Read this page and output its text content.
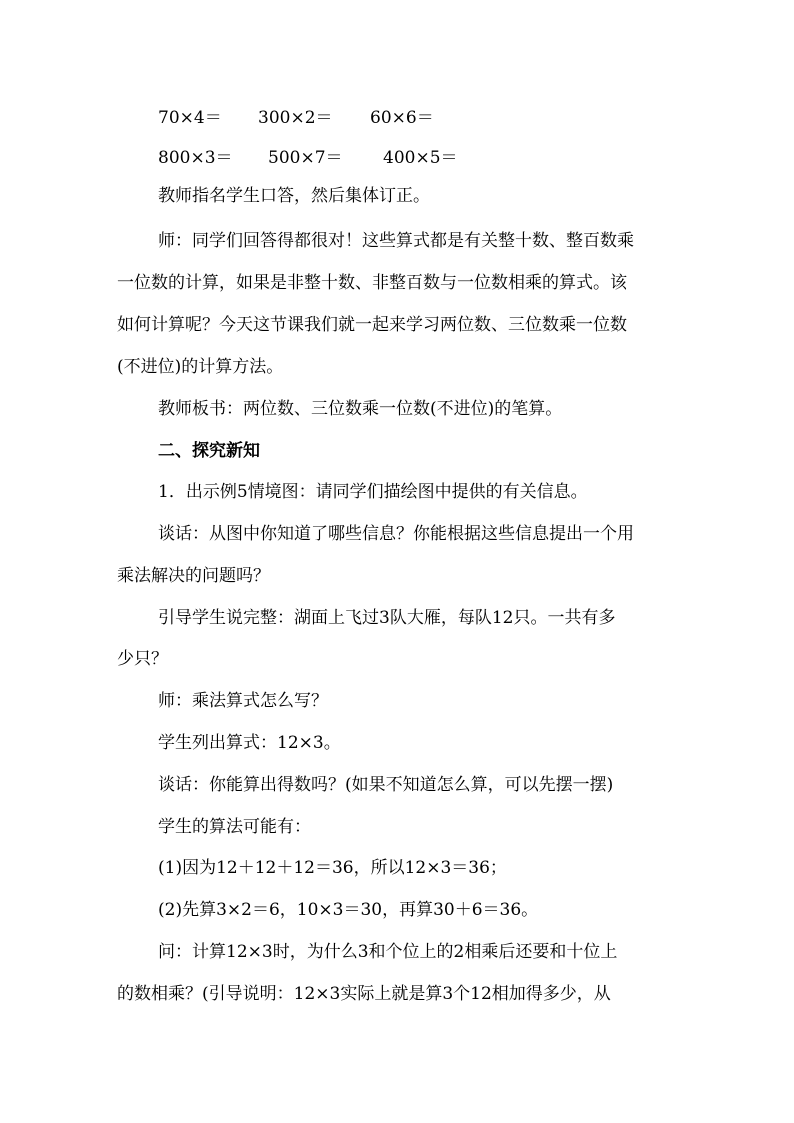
70×4＝ 300×2＝ 60×6＝
800×3＝ 500×7＝ 400×5＝
教师指名学生口答，然后集体订正。
师：同学们回答得都很对！这些算式都是有关整十数、整百数乘
一位数的计算，如果是非整十数、非整百数与一位数相乘的算式。该
如何计算呢？今天这节课我们就一起来学习两位数、三位数乘一位数
(不进位)的计算方法。
教师板书：两位数、三位数乘一位数(不进位)的笔算。
二、探究新知
1．出示例5情境图：请同学们描绘图中提供的有关信息。
谈话：从图中你知道了哪些信息？你能根据这些信息提出一个用
乘法解决的问题吗？
引导学生说完整：湖面上飞过3队大雁，每队12只。一共有多
少只？
师：乘法算式怎么写？
学生列出算式：12×3。
谈话：你能算出得数吗？(如果不知道怎么算，可以先摆一摆)
学生的算法可能有：
(1)因为12＋12＋12＝36，所以12×3＝36；
(2)先算3×2＝6，10×3＝30，再算30＋6＝36。
问：计算12×3时，为什么3和个位上的2相乘后还要和十位上
的数相乘？(引导说明：12×3实际上就是算3个12相加得多少，从
